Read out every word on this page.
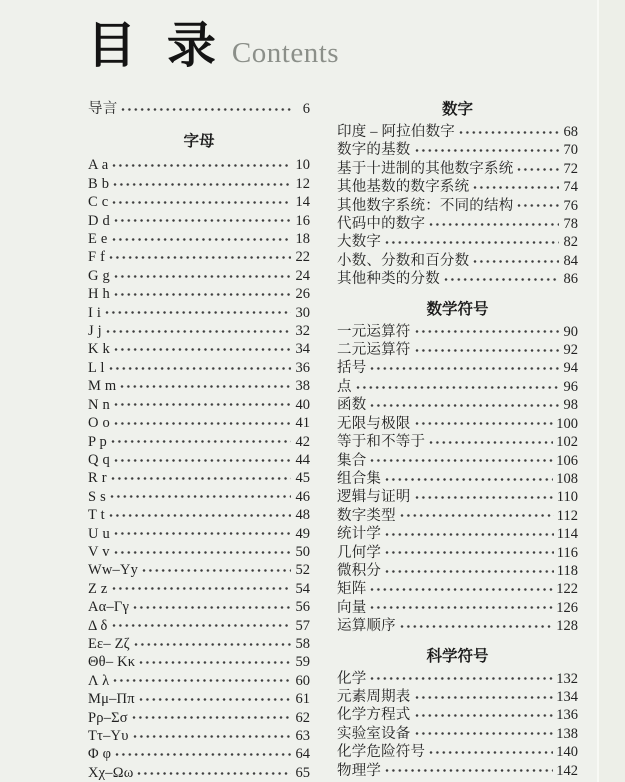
目 录 Contents
导言	6
字母
A a	10
B b	12
C c	14
D d	16
E e	18
F f	22
G g	24
H h	26
I i	30
J j	32
K k	34
L l	36
M m	38
N n	40
O o	41
P p	42
Q q	44
R r	45
S s	46
T t	48
U u	49
V v	50
Ww–Yy	52
Z z	54
Aα–Γγ	56
Δ δ	57
Eε– Zζ	58
Θθ– Kκ	59
Λ λ	60
Mμ–Ππ	61
Pρ–Σσ	62
Tτ–Yυ	63
Φ φ	64
Xχ–Ωω	65
数字
印度 – 阿拉伯数字	68
数字的基数	70
基于十进制的其他数字系统	72
其他基数的数字系统	74
其他数字系统：不同的结构	76
代码中的数字	78
大数字	82
小数、分数和百分数	84
其他种类的分数	86
数学符号
一元运算符	90
二元运算符	92
括号	94
点	96
函数	98
无限与极限	100
等于和不等于	102
集合	106
组合集	108
逻辑与证明	110
数字类型	112
统计学	114
几何学	116
微积分	118
矩阵	122
向量	126
运算顺序	128
科学符号
化学	132
元素周期表	134
化学方程式	136
实验室设备	138
化学危险符号	140
物理学	142
